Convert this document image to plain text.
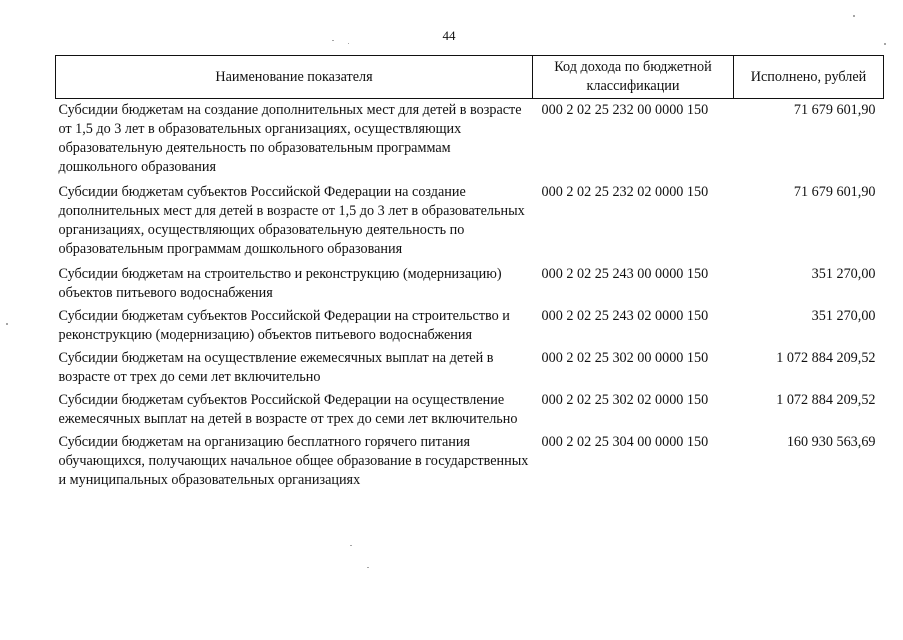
44
Наименование показателя	Код дохода по бюджетной классификации	Исполнено, рублей
Субсидии бюджетам на создание дополнительных мест для детей в возрасте от 1,5 до 3 лет в образовательных организациях, осуществляющих образовательную деятельность по образовательным программам дошкольного образования	000 2 02 25 232 00 0000 150	71 679 601,90
Субсидии бюджетам субъектов Российской Федерации на создание дополнительных мест для детей в возрасте от 1,5 до 3 лет в образовательных организациях, осуществляющих образовательную деятельность по образовательным программам дошкольного образования	000 2 02 25 232 02 0000 150	71 679 601,90
Субсидии бюджетам на строительство и реконструкцию (модернизацию) объектов питьевого водоснабжения	000 2 02 25 243 00 0000 150	351 270,00
Субсидии бюджетам субъектов Российской Федерации на строительство и реконструкцию (модернизацию) объектов питьевого водоснабжения	000 2 02 25 243 02 0000 150	351 270,00
Субсидии бюджетам на осуществление ежемесячных выплат на детей в возрасте от трех до семи лет включительно	000 2 02 25 302 00 0000 150	1 072 884 209,52
Субсидии бюджетам субъектов Российской Федерации на осуществление ежемесячных выплат на детей в возрасте от трех до семи лет включительно	000 2 02 25 302 02 0000 150	1 072 884 209,52
Субсидии бюджетам на организацию бесплатного горячего питания обучающихся, получающих начальное общее образование в государственных и муниципальных образовательных организациях	000 2 02 25 304 00 0000 150	160 930 563,69
